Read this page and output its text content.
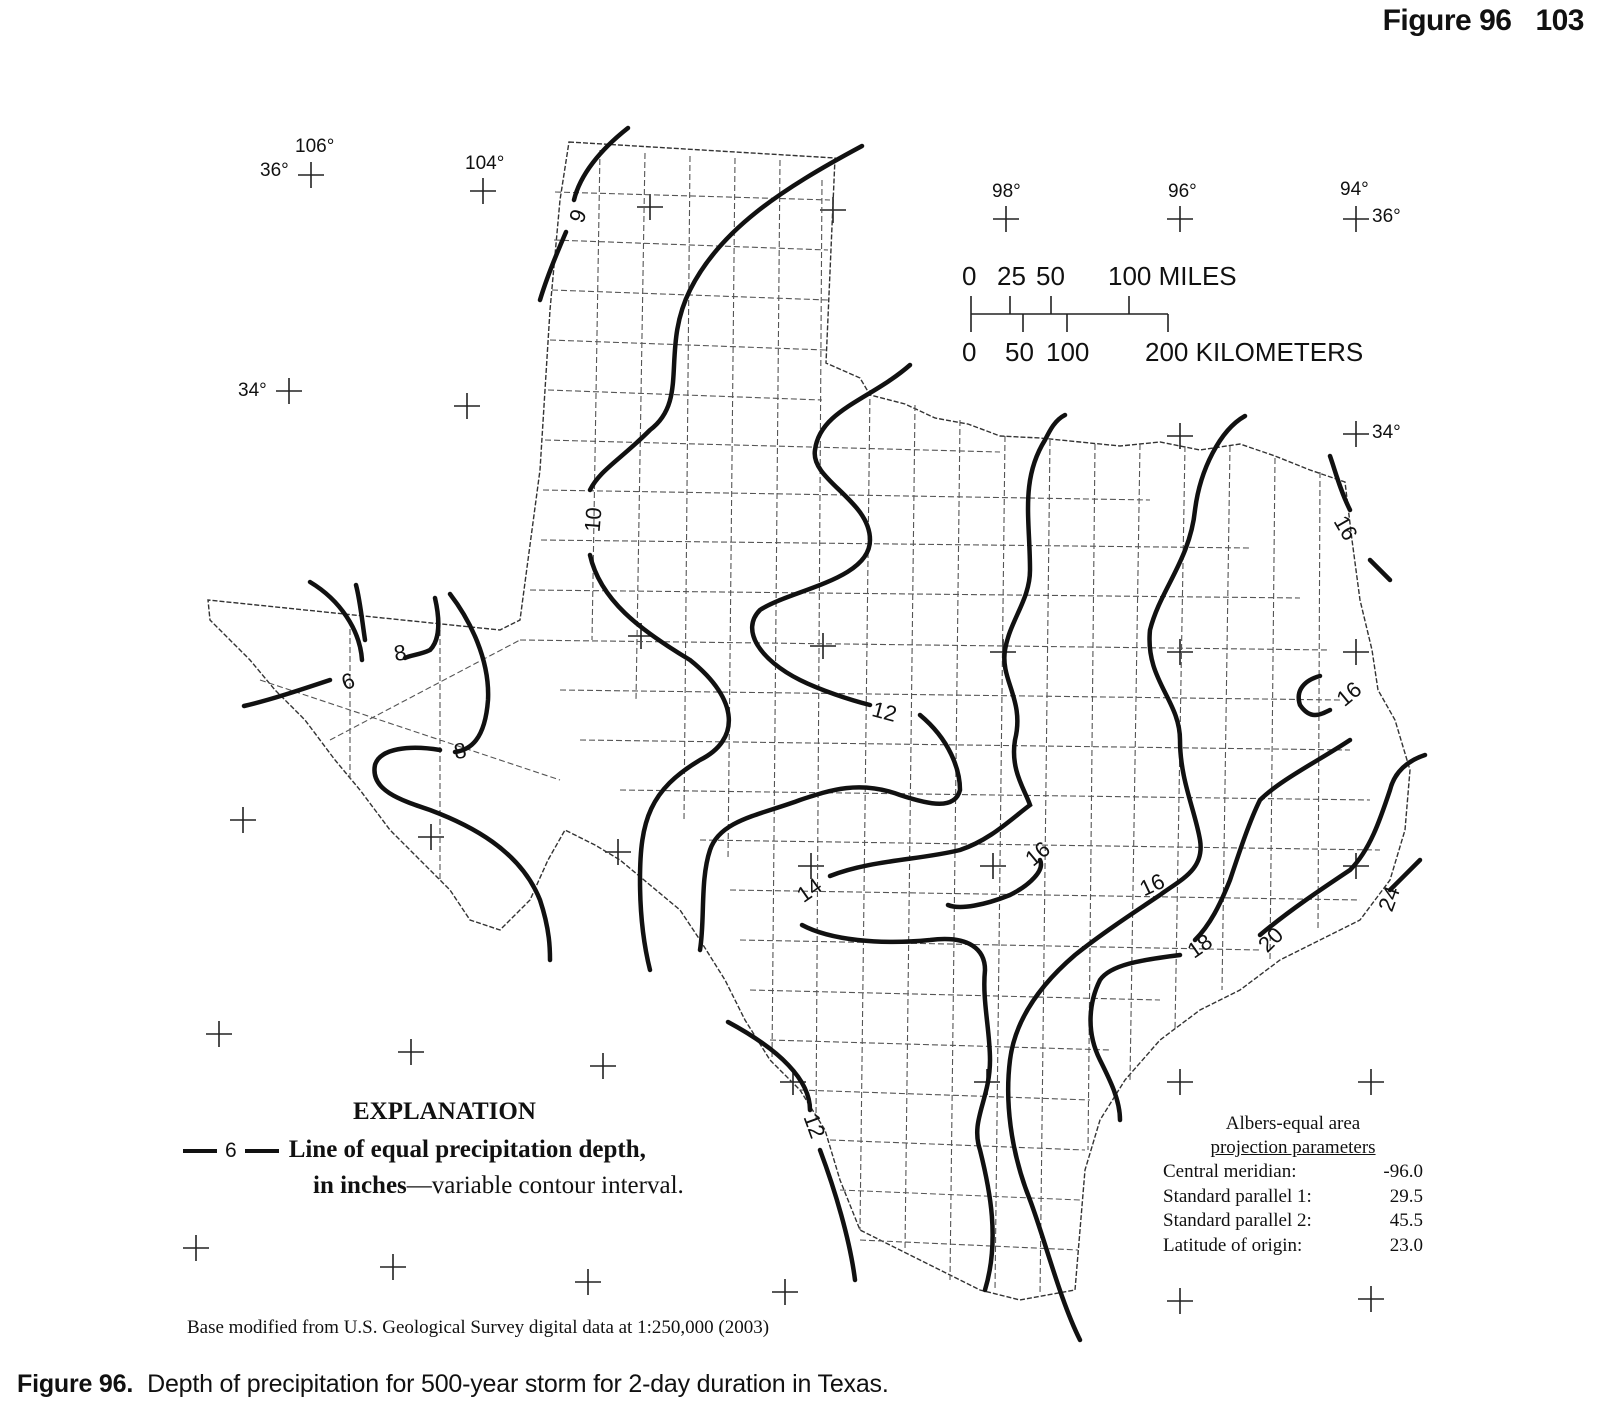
Figure 96 103
106°
36°	104°
98°	96°	94°
36°
34°
34°
0 25 50 100 MILES
0 50 100 200 KILOMETERS
9
10
12
12
14
16
16
16
16
18 20
24
6
8
8
EXPLANATION
6 Line of equal precipitation depth,
in inches—variable contour interval.
Albers-equal area
projection parameters
Central meridian:	-96.0
Standard parallel 1:	29.5
Standard parallel 2:	45.5
Latitude of origin:	23.0
Base modified from U.S. Geological Survey digital data at 1:250,000 (2003)
Figure 96. Depth of precipitation for 500-year storm for 2-day duration in Texas.
